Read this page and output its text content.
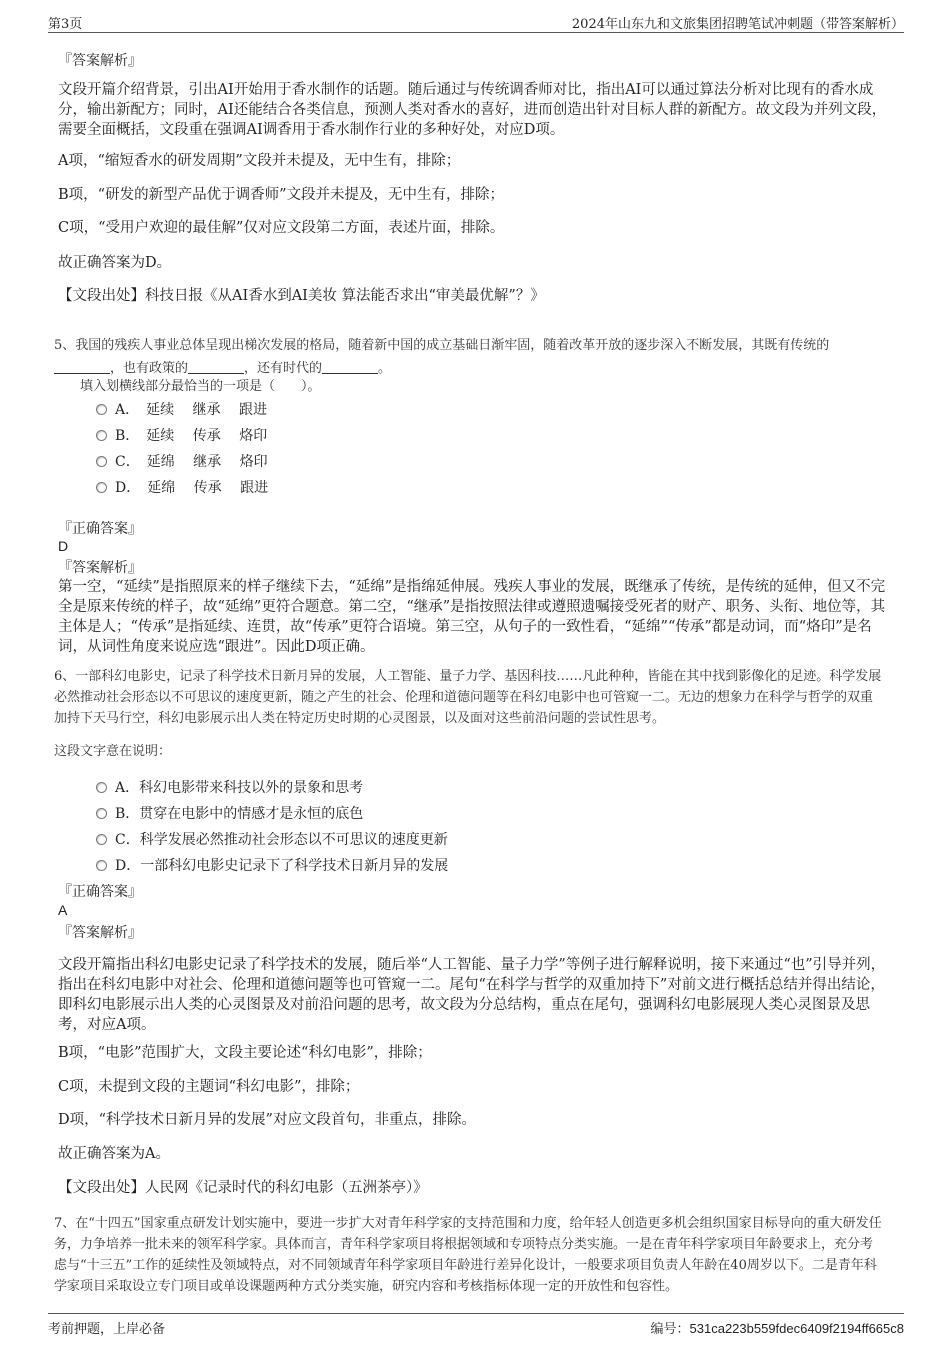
第3页	2024年山东九和文旅集团招聘笔试冲刺题（带答案解析）
『答案解析』

文段开篇介绍背景，引出AI开始用于香水制作的话题。随后通过与传统调香师对比，指出AI可以通过算法分析对比现有的香水成分，输出新配方；同时，AI还能结合各类信息，预测人类对香水的喜好，进而创造出针对目标人群的新配方。故文段为并列文段，需要全面概括，文段重在强调AI调香用于香水制作行业的多种好处，对应D项。

A项，“缩短香水的研发周期”文段并未提及，无中生有，排除；

B项，“研发的新型产品优于调香师”文段并未提及，无中生有，排除；

C项，“受用户欢迎的最佳解”仅对应文段第二方面，表述片面，排除。

故正确答案为D。

【文段出处】科技日报《从AI香水到AI美妆 算法能否求出“审美最优解”？》

5、我国的残疾人事业总体呈现出梯次发展的格局，随着新中国的成立基础日渐牢固，随着改革开放的逐步深入不断发展，其既有传统的 ，也有政策的	，还有时代的	。

填入划横线部分最恰当的一项是（　　）。
A．　延续　 继承　 跟进
B．　延续　 传承　 烙印
C．　延绵　 继承　 烙印
D．　延绵　 传承　 跟进
『正确答案』
D
『答案解析』

第一空，“延续”是指照原来的样子继续下去，“延绵”是指绵延伸展。残疾人事业的发展，既继承了传统，是传统的延伸，但又不完全是原来传统的样子，故“延绵”更符合题意。第二空，“继承”是指按照法律或遵照遗嘱接受死者的财产、职务、头衔、地位等，其主体是人；“传承”是指延续、连贯，故“传承”更符合语境。第三空，从句子的一致性看，“延绵”“传承”都是动词，而“烙印”是名词，从词性角度来说应选“跟进”。因此D项正确。

6、一部科幻电影史，记录了科学技术日新月异的发展，人工智能、量子力学、基因科技……凡此种种，皆能在其中找到影像化的足迹。科学发展必然推动社会形态以不可思议的速度更新，随之产生的社会、伦理和道德问题等在科幻电影中也可管窥一二。无边的想象力在科学与哲学的双重加持下天马行空，科幻电影展示出人类在特定历史时期的心灵图景，以及面对这些前沿问题的尝试性思考。

这段文字意在说明：
A．科幻电影带来科技以外的景象和思考
B．贯穿在电影中的情感才是永恒的底色
C．科学发展必然推动社会形态以不可思议的速度更新
D．一部科幻电影史记录下了科学技术日新月异的发展
『正确答案』
A
『答案解析』

文段开篇指出科幻电影史记录了科学技术的发展，随后举“人工智能、量子力学”等例子进行解释说明，接下来通过“也”引导并列，指出在科幻电影中对社会、伦理和道德问题等也可管窥一二。尾句“在科学与哲学的双重加持下”对前文进行概括总结并得出结论，即科幻电影展示出人类的心灵图景及对前沿问题的思考，故文段为分总结构，重点在尾句，强调科幻电影展现人类心灵图景及思考，对应A项。

B项，“电影”范围扩大，文段主要论述“科幻电影”，排除；

C项，未提到文段的主题词“科幻电影”，排除；

D项，“科学技术日新月异的发展”对应文段首句，非重点，排除。

故正确答案为A。

【文段出处】人民网《记录时代的科幻电影（五洲茶亭）》

7、在“十四五”国家重点研发计划实施中，要进一步扩大对青年科学家的支持范围和力度，给年轻人创造更多机会组织国家目标导向的重大研发任务，力争培养一批未来的领军科学家。具体而言，青年科学家项目将根据领域和专项特点分类实施。一是在青年科学家项目年龄要求上，充分考虑与“十三五”工作的延续性及领域特点，对不同领域青年科学家项目年龄进行差异化设计，一般要求项目负责人年龄在40周岁以下。二是青年科学家项目采取设立专门项目或单设课题两种方式分类实施，研究内容和考核指标体现一定的开放性和包容性。

考前押题，上岸必备	编号：531ca223b559fdec6409f2194ff665c8
